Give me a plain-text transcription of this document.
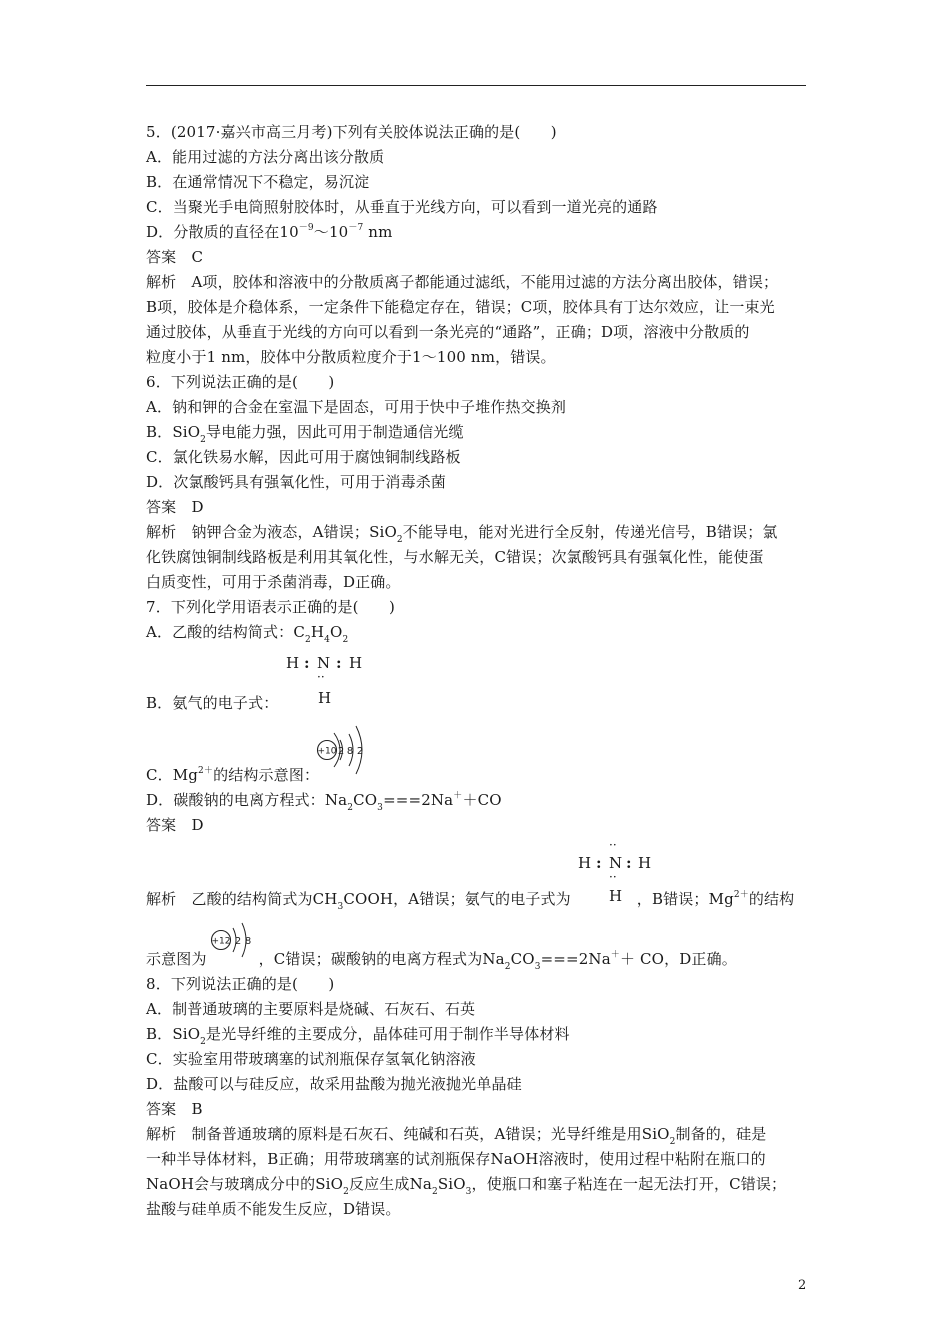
5．(2017·嘉兴市高三月考)下列有关胶体说法正确的是(　　)
A．能用过滤的方法分离出该分散质
B．在通常情况下不稳定，易沉淀
C．当聚光手电筒照射胶体时，从垂直于光线方向，可以看到一道光亮的通路
D．分散质的直径在$10^{-9}\sim 10^{-7}$ nm
答案　C
解析　A项，胶体和溶液中的分散质离子都能通过滤纸，不能用过滤的方法分离出胶体，错误；
B项，胶体是介稳体系，一定条件下能稳定存在，错误；C项，胶体具有丁达尔效应，让一束光
通过胶体，从垂直于光线的方向可以看到一条光亮的“通路”，正确；D项，溶液中分散质的
粒度小于1 nm，胶体中分散质粒度介于1～100 nm，错误。
6．下列说法正确的是(　　)
A．钠和钾的合金在室温下是固态，可用于快中子堆作热交换剂
B．SiO$_2$导电能力强，因此可用于制造通信光缆
C．氯化铁易水解，因此可用于腐蚀铜制线路板
D．次氯酸钙具有强氧化性，可用于消毒杀菌
答案　D
解析　钠钾合金为液态，A错误；SiO$_2$不能导电，能对光进行全反射，传递光信号，B错误；氯
化铁腐蚀铜制线路板是利用其氧化性，与水解无关，C错误；次氯酸钙具有强氧化性，能使蛋
白质变性，可用于杀菌消毒，D正确。
7．下列化学用语表示正确的是(　　)
A．乙酸的结构简式：$C_2H_4O_2$
H : N : H
··
H
B．氨气的电子式：
+10 2 8 2
C．$Mg^{2+}$的结构示意图：
D．碳酸钠的电离方程式：$Na_2CO_3===2Na^++CO$
答案　D
··
H : N : H
··
H
解析　乙酸的结构简式为$CH_3COOH$，A错误；氨气的电子式为	，B错误；$Mg^{2+}$的结构
+12 2 8
示意图为	，C错误；碳酸钠的电离方程式为$Na_2CO_3===2Na^++$ CO，D正确。
8．下列说法正确的是(　　)
A．制普通玻璃的主要原料是烧碱、石灰石、石英
B．SiO$_2$是光导纤维的主要成分，晶体硅可用于制作半导体材料
C．实验室用带玻璃塞的试剂瓶保存氢氧化钠溶液
D．盐酸可以与硅反应，故采用盐酸为抛光液抛光单晶硅
答案　B
解析　制备普通玻璃的原料是石灰石、纯碱和石英，A错误；光导纤维是用SiO$_2$制备的，硅是
一种半导体材料，B正确；用带玻璃塞的试剂瓶保存NaOH溶液时，使用过程中粘附在瓶口的
NaOH会与玻璃成分中的SiO$_2$反应生成$Na_2SiO_3$，使瓶口和塞子粘连在一起无法打开，C错误；
盐酸与硅单质不能发生反应，D错误。
2
